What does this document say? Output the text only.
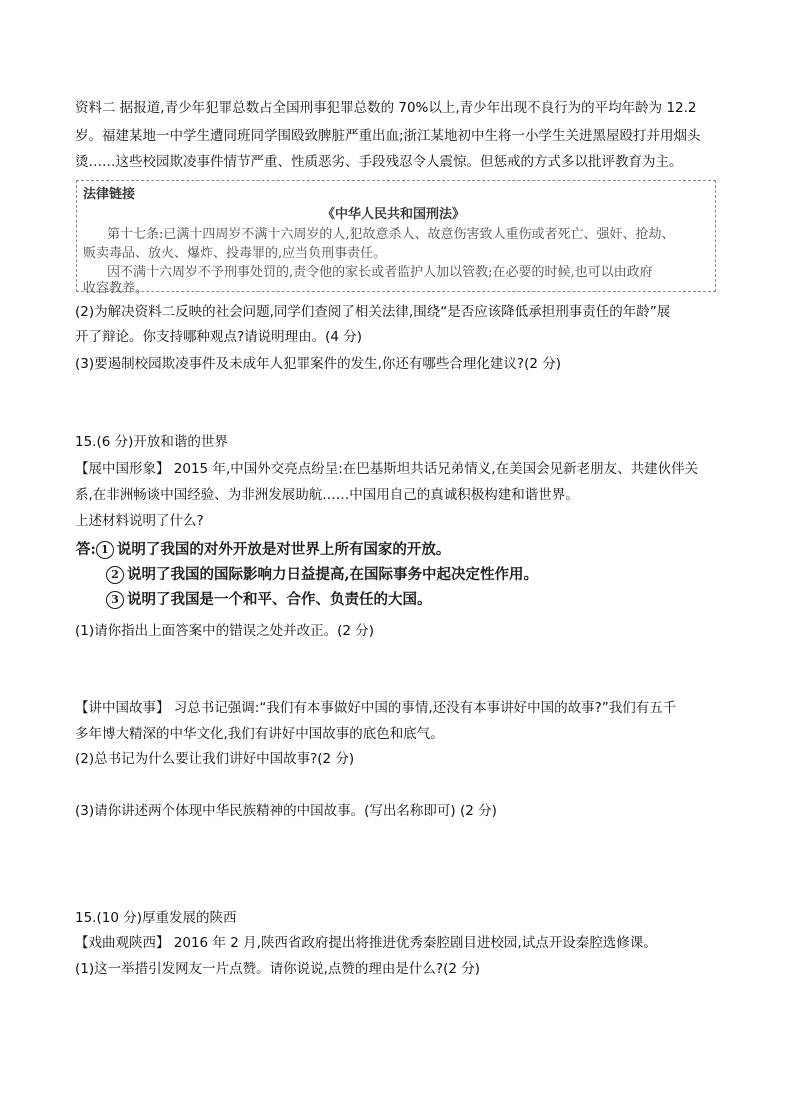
资料二 据报道,青少年犯罪总数占全国刑事犯罪总数的 70%以上,青少年出现不良行为的平均年龄为 12.2
岁。福建某地一中学生遭同班同学围殴致脾脏严重出血;浙江某地初中生将一小学生关进黑屋殴打并用烟头
烫……这些校园欺凌事件情节严重、性质恶劣、手段残忍令人震惊。但惩戒的方式多以批评教育为主。
法律链接
《中华人民共和国刑法》
第十七条:已满十四周岁不满十六周岁的人,犯故意杀人、故意伤害致人重伤或者死亡、强奸、抢劫、
贩卖毒品、放火、爆炸、投毒罪的,应当负刑事责任。
因不满十六周岁不予刑事处罚的,责令他的家长或者监护人加以管教;在必要的时候,也可以由政府
收容教养。
(2)为解决资料二反映的社会问题,同学们查阅了相关法律,围绕“是否应该降低承担刑事责任的年龄”展
开了辩论。你支持哪种观点?请说明理由。(4 分)
(3)要遏制校园欺凌事件及未成年人犯罪案件的发生,你还有哪些合理化建议?(2 分)
15.(6 分)开放和谐的世界
【展中国形象】 2015 年,中国外交亮点纷呈:在巴基斯坦共话兄弟情义,在美国会见新老朋友、共建伙伴关
系,在非洲畅谈中国经验、为非洲发展助航……中国用自己的真诚积极构建和谐世界。
上述材料说明了什么?
答: 1 说明了我国的对外开放是对世界上所有国家的开放。
2 说明了我国的国际影响力日益提高,在国际事务中起决定性作用。
3 说明了我国是一个和平、合作、负责任的大国。
(1)请你指出上面答案中的错误之处并改正。(2 分)
【讲中国故事】 习总书记强调:“我们有本事做好中国的事情,还没有本事讲好中国的故事?”我们有五千
多年博大精深的中华文化,我们有讲好中国故事的底色和底气。
(2)总书记为什么要让我们讲好中国故事?(2 分)
(3)请你讲述两个体现中华民族精神的中国故事。(写出名称即可) (2 分)
15.(10 分)厚重发展的陕西
【戏曲观陕西】 2016 年 2 月,陕西省政府提出将推进优秀秦腔剧目进校园,试点开设秦腔选修课。
(1)这一举措引发网友一片点赞。请你说说,点赞的理由是什么?(2 分)
